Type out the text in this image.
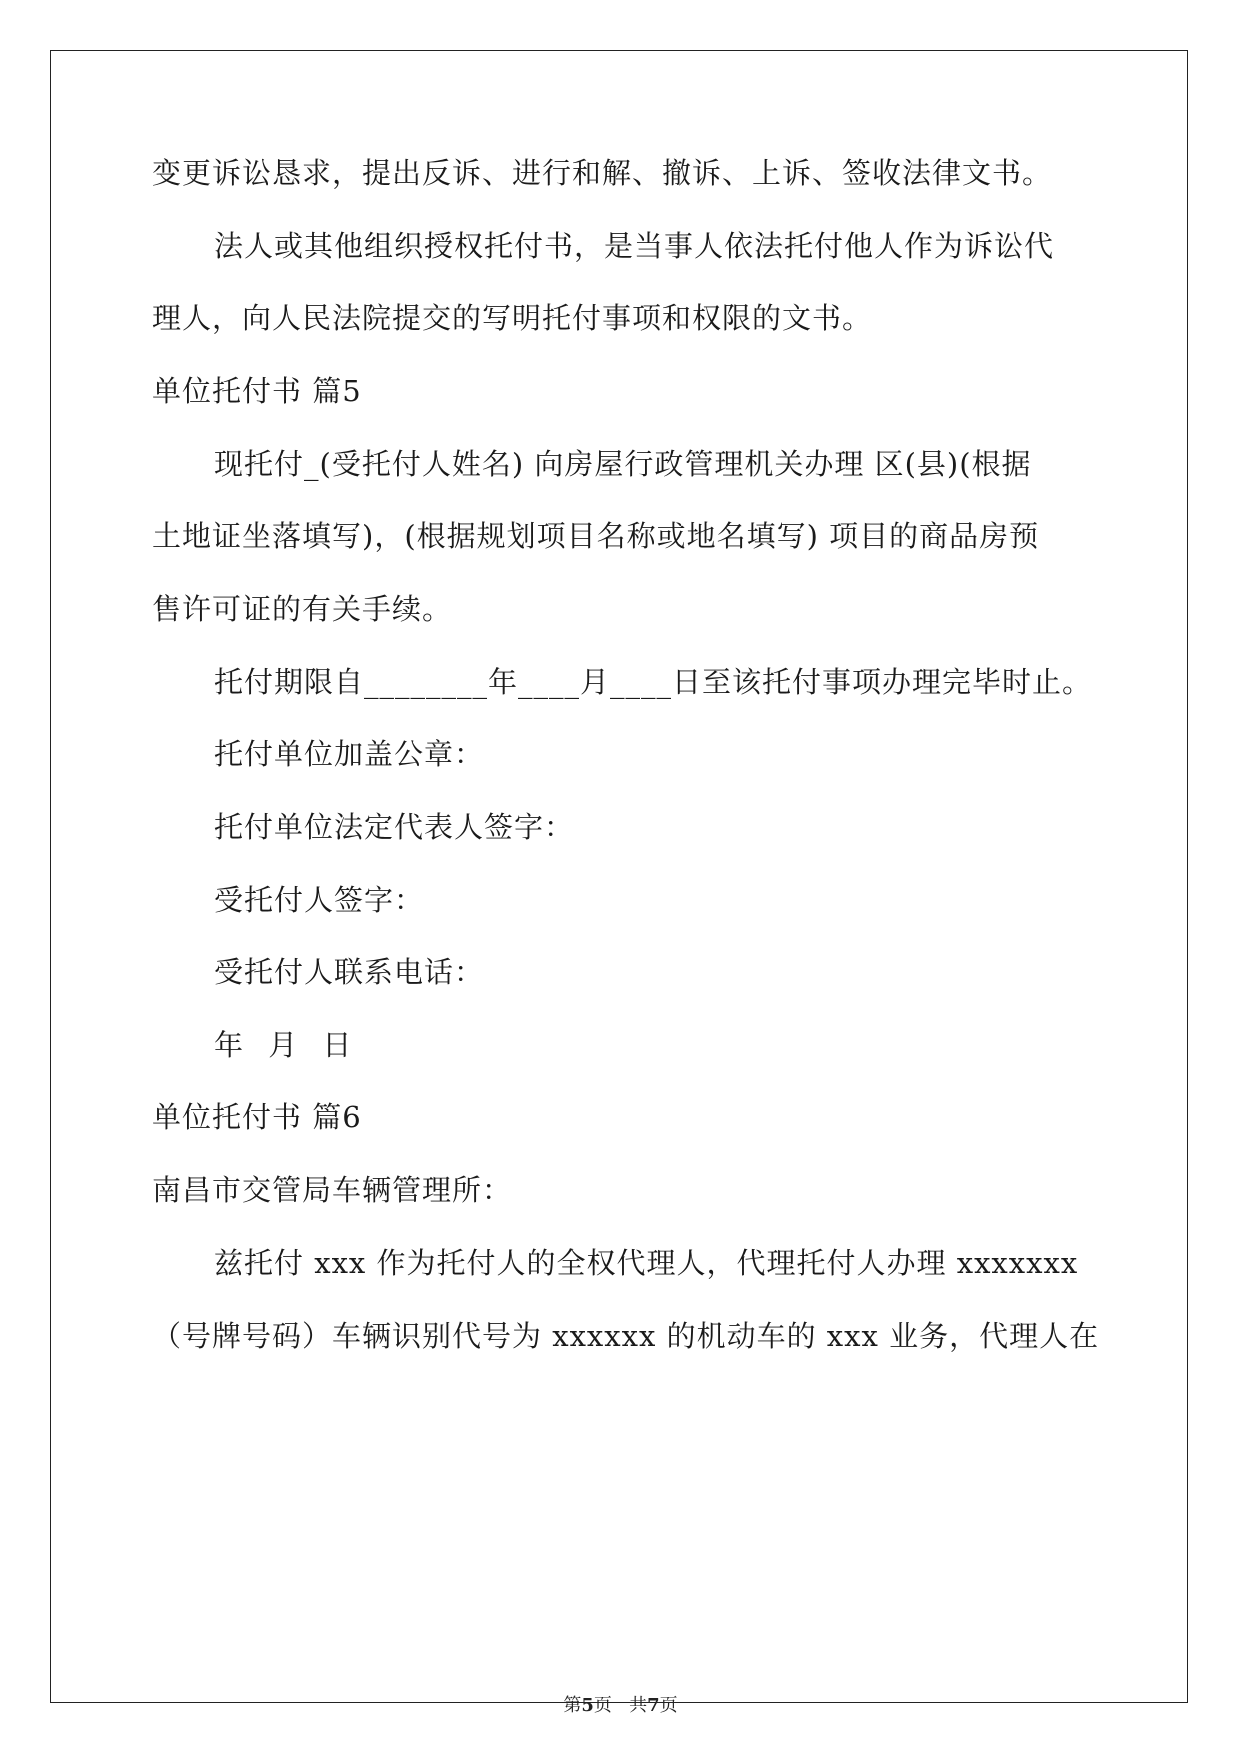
变更诉讼恳求，提出反诉、进行和解、撤诉、上诉、签收法律文书。
法人或其他组织授权托付书，是当事人依法托付他人作为诉讼代
理人，向人民法院提交的写明托付事项和权限的文书。
单位托付书 篇5
现托付_(受托付人姓名) 向房屋行政管理机关办理 区(县)(根据
土地证坐落填写)，(根据规划项目名称或地名填写) 项目的商品房预
售许可证的有关手续。
托付期限自________年____月____日至该托付事项办理完毕时止。
托付单位加盖公章：
托付单位法定代表人签字：
受托付人签字：
受托付人联系电话：
年 月 日
单位托付书 篇6
南昌市交管局车辆管理所：
兹托付 xxx 作为托付人的全权代理人，代理托付人办理 xxxxxxx
（号牌号码）车辆识别代号为 xxxxxx 的机动车的 xxx 业务，代理人在
第5页   共7页
